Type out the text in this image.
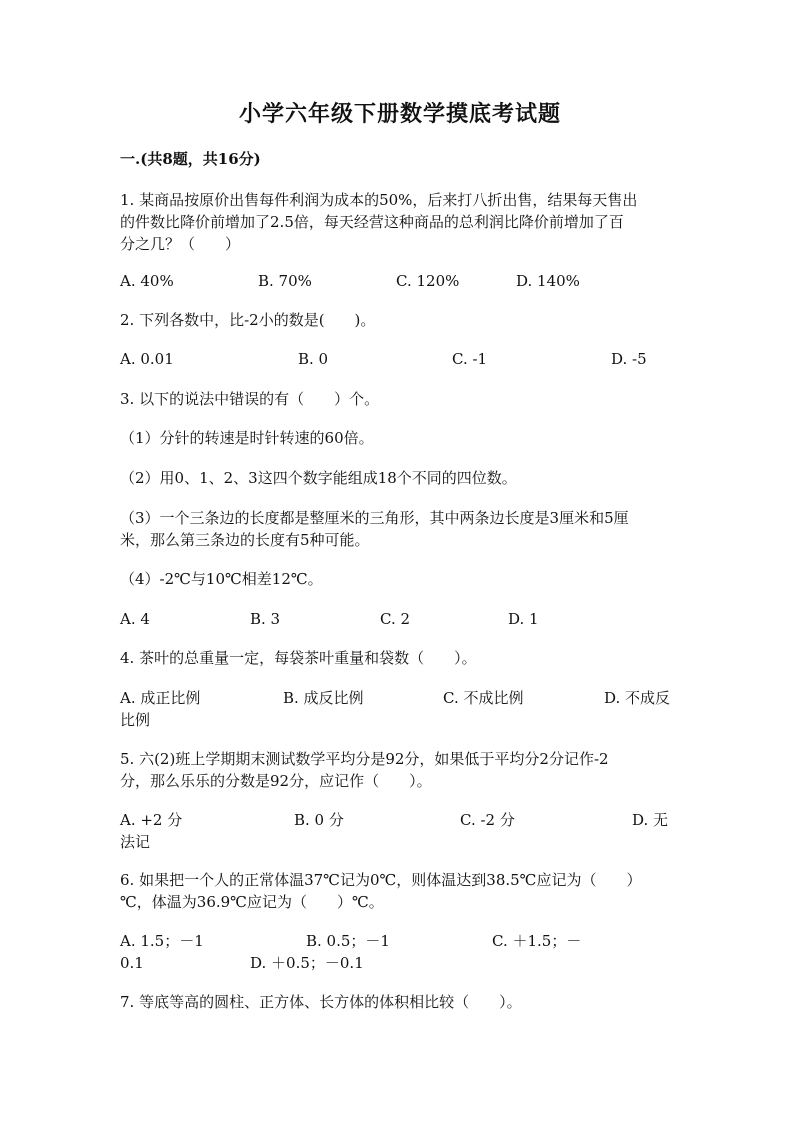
小学六年级下册数学摸底考试题
一.(共8题，共16分)
1. 某商品按原价出售每件利润为成本的50%，后来打八折出售，结果每天售出
的件数比降价前增加了2.5倍，每天经营这种商品的总利润比降价前增加了百
分之几？（　　）
A. 40%	B. 70%	C. 120%	D. 140%
2. 下列各数中，比-2小的数是(　　)。
A. 0.01	B. 0	C. -1	D. -5
3. 以下的说法中错误的有（　　）个。
（1）分针的转速是时针转速的60倍。
（2）用0、1、2、3这四个数字能组成18个不同的四位数。
（3）一个三条边的长度都是整厘米的三角形，其中两条边长度是3厘米和5厘
米，那么第三条边的长度有5种可能。
（4）-2℃与10℃相差12℃。
A. 4	B. 3	C. 2	D. 1
4. 茶叶的总重量一定，每袋茶叶重量和袋数（　　）。
A. 成正比例	B. 成反比例	C. 不成比例	D. 不成反
比例
5. 六(2)班上学期期末测试数学平均分是92分，如果低于平均分2分记作-2
分，那么乐乐的分数是92分，应记作（　　）。
A. +2 分	B. 0 分	C. -2 分	D. 无
法记
6. 如果把一个人的正常体温37℃记为0℃，则体温达到38.5℃应记为（　　）
℃，体温为36.9℃应记为（　　）℃。
A. 1.5；－1	B. 0.5；－1	C. ＋1.5；－
0.1	D. ＋0.5；－0.1
7. 等底等高的圆柱、正方体、长方体的体积相比较（　　）。
